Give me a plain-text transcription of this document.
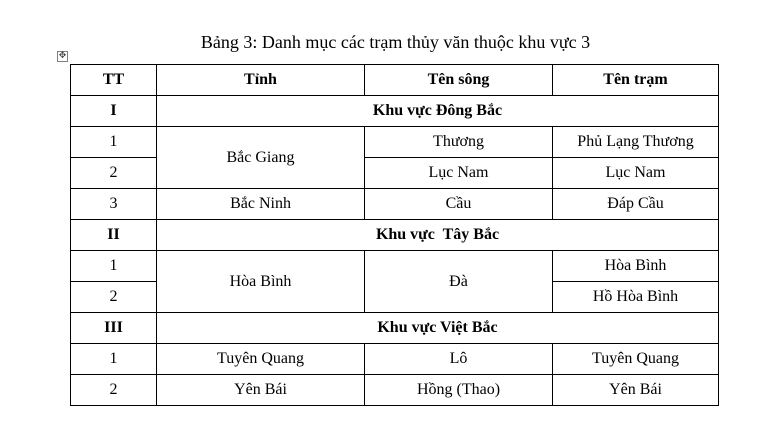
Bảng 3: Danh mục các trạm thủy văn thuộc khu vực 3
✥
TT	Tỉnh	Tên sông	Tên trạm
I	Khu vực Đông Bắc		
1	Bắc Giang	Thương	Phủ Lạng Thương
2		Lục Nam	Lục Nam
3	Bắc Ninh	Cầu	Đáp Cầu
II	Khu vực  Tây Bắc		
1	Hòa Bình	Đà	Hòa Bình
2			Hồ Hòa Bình
III	Khu vực Việt Bắc		
1	Tuyên Quang	Lô	Tuyên Quang
2	Yên Bái	Hồng (Thao)	Yên Bái
